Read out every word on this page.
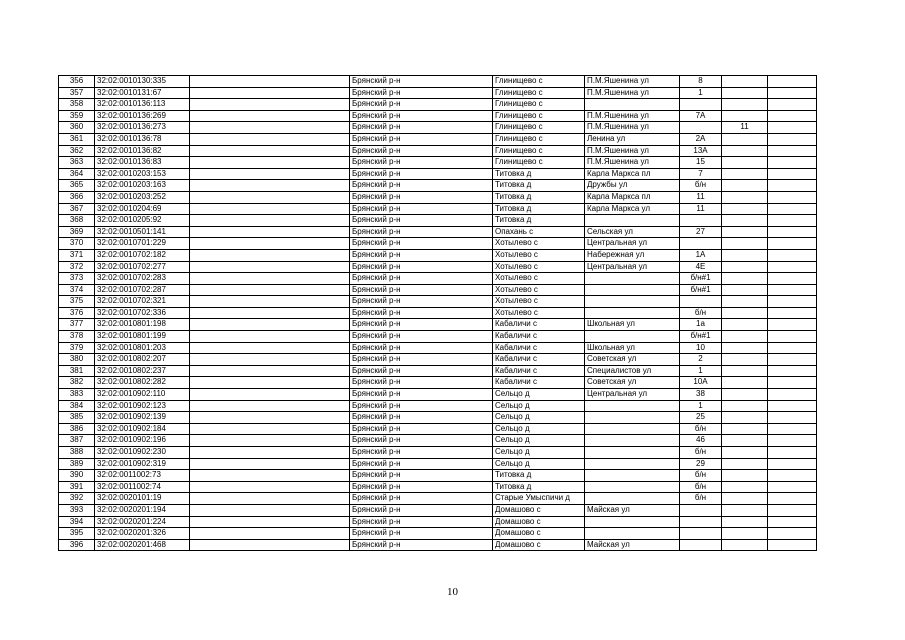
356	32:02:0010130:335		Брянский р-н	Глинищево с	П.М.Яшенина ул	8		
357	32:02:0010131:67		Брянский р-н	Глинищево с	П.М.Яшенина ул	1		
358	32:02:0010136:113		Брянский р-н	Глинищево с				
359	32:02:0010136:269		Брянский р-н	Глинищево с	П.М.Яшенина ул	7А		
360	32:02:0010136:273		Брянский р-н	Глинищево с	П.М.Яшенина ул		11	
361	32:02:0010136:78		Брянский р-н	Глинищево с	Ленина ул	2А		
362	32:02:0010136:82		Брянский р-н	Глинищево с	П.М.Яшенина ул	13А		
363	32:02:0010136:83		Брянский р-н	Глинищево с	П.М.Яшенина ул	15		
364	32:02:0010203:153		Брянский р-н	Титовка д	Карла Маркса пл	7		
365	32:02:0010203:163		Брянский р-н	Титовка д	Дружбы ул	б/н		
366	32:02:0010203:252		Брянский р-н	Титовка д	Карла Маркса пл	11		
367	32:02:0010204:69		Брянский р-н	Титовка д	Карла Маркса ул	11		
368	32:02:0010205:92		Брянский р-н	Титовка д				
369	32:02:0010501:141		Брянский р-н	Опахань с	Сельская ул	27		
370	32:02:0010701:229		Брянский р-н	Хотылево с	Центральная ул			
371	32:02:0010702:182		Брянский р-н	Хотылево с	Набережная ул	1А		
372	32:02:0010702:277		Брянский р-н	Хотылево с	Центральная ул	4Е		
373	32:02:0010702:283		Брянский р-н	Хотылево с		б/н#1		
374	32:02:0010702:287		Брянский р-н	Хотылево с		б/н#1		
375	32:02:0010702:321		Брянский р-н	Хотылево с				
376	32:02:0010702:336		Брянский р-н	Хотылево с		б/н		
377	32:02:0010801:198		Брянский р-н	Кабаличи с	Школьная ул	1а		
378	32:02:0010801:199		Брянский р-н	Кабаличи с		б/н#1		
379	32:02:0010801:203		Брянский р-н	Кабаличи с	Школьная ул	10		
380	32:02:0010802:207		Брянский р-н	Кабаличи с	Советская ул	2		
381	32:02:0010802:237		Брянский р-н	Кабаличи с	Специалистов ул	1		
382	32:02:0010802:282		Брянский р-н	Кабаличи с	Советская ул	10А		
383	32:02:0010902:110		Брянский р-н	Сельцо д	Центральная ул	38		
384	32:02:0010902:123		Брянский р-н	Сельцо д		1		
385	32:02:0010902:139		Брянский р-н	Сельцо д		25		
386	32:02:0010902:184		Брянский р-н	Сельцо д		б/н		
387	32:02:0010902:196		Брянский р-н	Сельцо д		46		
388	32:02:0010902:230		Брянский р-н	Сельцо д		б/н		
389	32:02:0010902:319		Брянский р-н	Сельцо д		29		
390	32:02:0011002:73		Брянский р-н	Титовка д		б/н		
391	32:02:0011002:74		Брянский р-н	Титовка д		б/н		
392	32:02:0020101:19		Брянский р-н	Старые Умыспичи д		б/н		
393	32:02:0020201:194		Брянский р-н	Домашово с	Майская ул			
394	32:02:0020201:224		Брянский р-н	Домашово с				
395	32:02:0020201:326		Брянский р-н	Домашово с				
396	32:02:0020201:468		Брянский р-н	Домашово с	Майская ул			
10
